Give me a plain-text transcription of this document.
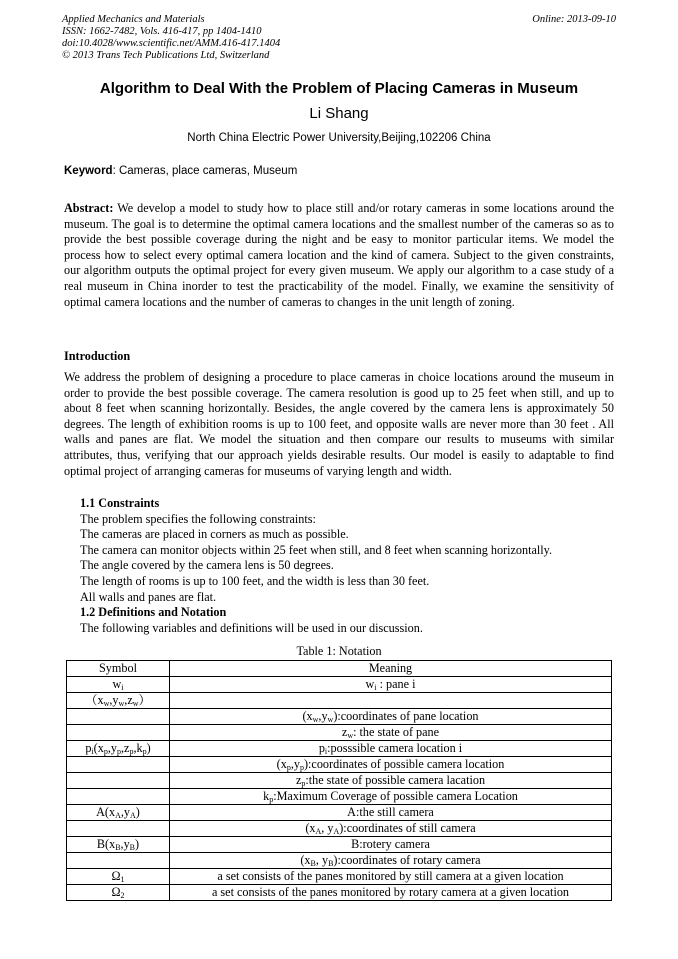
Applied Mechanics and Materials
ISSN: 1662-7482, Vols. 416-417, pp 1404-1410
doi:10.4028/www.scientific.net/AMM.416-417.1404
© 2013 Trans Tech Publications Ltd, Switzerland
Online: 2013-09-10
Algorithm to Deal With the Problem of Placing Cameras in Museum
Li Shang
North China Electric Power University,Beijing,102206 China
Keyword: Cameras, place cameras, Museum
Abstract: We develop a model to study how to place still and/or rotary cameras in some locations around the museum. The goal is to determine the optimal camera locations and the smallest number of the cameras so as to provide the best possible coverage during the night and be easy to monitor particular items. We model the process how to select every optimal camera location and the kind of camera. Subject to the given constraints, our algorithm outputs the optimal project for every given museum. We apply our algorithm to a case study of a real museum in China inorder to test the practicability of the model. Finally, we examine the sensitivity of optimal camera locations and the number of cameras to changes in the unit length of zoning.
Introduction
We address the problem of designing a procedure to place cameras in choice locations around the museum in order to provide the best possible coverage. The camera resolution is good up to 25 feet when still, and up to about 8 feet when scanning horizontally. Besides, the angle covered by the camera lens is approximately 50 degrees. The length of exhibition rooms is up to 100 feet, and opposite walls are never more than 30 feet . All walls and panes are flat. We model the situation and then compare our results to museums with similar attributes, thus, verifying that our approach yields desirable results. Our model is easily to adaptable to find optimal project of arranging cameras for museums of varying length and width.
1.1 Constraints
The problem specifies the following constraints:
The cameras are placed in corners as much as possible.
The camera can monitor objects within 25 feet when still, and 8 feet when scanning horizontally.
The angle covered by the camera lens is 50 degrees.
The length of rooms is up to 100 feet, and the width is less than 30 feet.
All walls and panes are flat.
1.2 Definitions and Notation
The following variables and definitions will be used in our discussion.
Table 1: Notation
Symbol	Meaning
$w_i$	$w_i$ : pane i
$(x_w,y_w,z_w)$	
	$(x_w,y_w):coordinates$ of pane location
	$z_w$: the state of pane
$p_i(x_p,y_p,z_p,k_p)$	$p_i:posssible$ camera location i
	$(x_p,y_p):coordinates$ of possible camera location
	$z_p:the$ state of possible camera lacation
	$k_p:Maximum$ Coverage of possible camera Location
$A(x_A,y_A)$	A:the still camera
	($x_A$, $y_A):coordinates$ of still camera
$B(x_B,y_B)$	B:rotery camera
	($x_B$, $y_B):coordinates$ of rotary camera
$\Omega_1$	a set consists of the panes monitored by still camera at a given location
$\Omega_2$	a set consists of the panes monitored by rotary camera at a given location
